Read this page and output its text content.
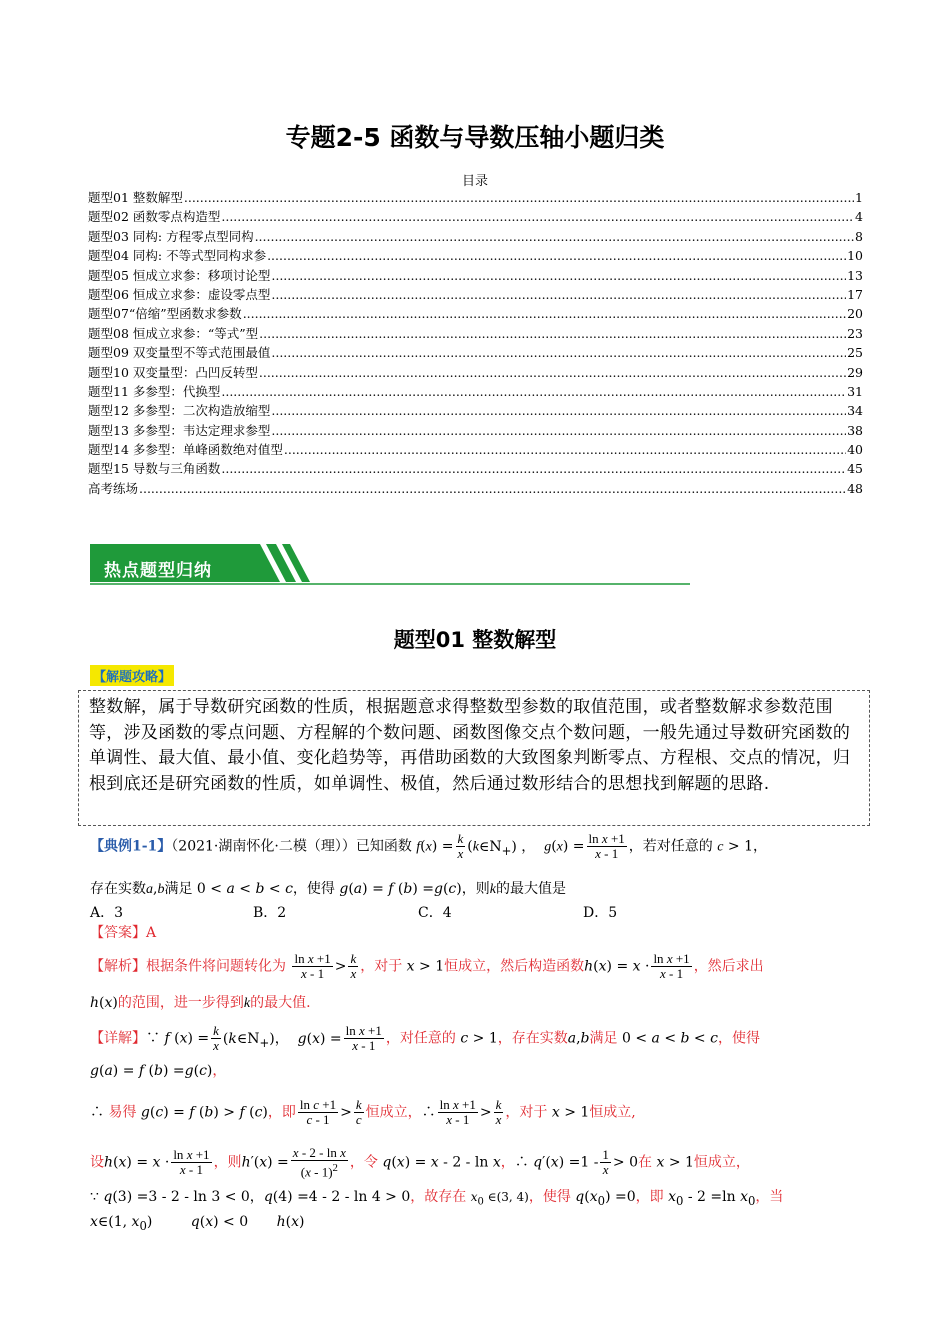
专题2-5 函数与导数压轴小题归类
目录
题型01 整数解型 .....	1
题型02 函数零点构造型 .....	4
题型03 同构: 方程零点型同构 .....	8
题型04 同构: 不等式型同构求参 .....	10
题型05 恒成立求参：移项讨论型 .....	13
题型06 恒成立求参：虚设零点型 .....	17
题型07“倍缩”型函数求参数 .....	20
题型08 恒成立求参：“等式”型 .....	23
题型09 双变量型不等式范围最值 .....	25
题型10 双变量型：凸凹反转型 .....	29
题型11 多参型：代换型 .....	31
题型12 多参型：二次构造放缩型 .....	34
题型13 多参型：韦达定理求参型 .....	38
题型14 多参型：单峰函数绝对值型 .....	40
题型15 导数与三角函数 .....	45
高考练场 .....	48
热点题型归纳
题型01 整数解型
【解题攻略】

整数解，属于导数研究函数的性质，根据题意求得整数型参数的取值范围，或者整数解求参数范围等，涉及函数的零点问题、方程解的个数问题、函数图像交点个数问题，一般先通过导数研究函数的单调性、最大值、最小值、变化趋势等，再借助函数的大致图象判断零点、方程根、交点的情况，归根到底还是研究函数的性质，如单调性、极值，然后通过数形结合的思想找到解题的思路.

【典例1-1】（2021·湖南怀化·二模（理））已知函数 $f(x) = \frac{k}{x}$ $(k\in N_+)$ ，  $g(x) = \frac{\text{ln x +1}}{x - 1}$ ，若对任意的 c > 1，
存在实数a,b满足 0 < a < b < c，使得 g(a) = f (b) =g(c)，则k的最大值是
A．3	B．2	C．4	D．5
【答案】A
【解析】根据条件将问题转化为 $\frac{\text{ln x +1}}{x - 1} > \frac{k}{x}$ ，对于 x > 1恒成立，然后构造函数$h(x) = x \cdot \frac{\text{ln x +1}}{x - 1}$ ，然后求出
h(x)的范围，进一步得到k的最大值.
【详解】∵ f $(x) = \frac{k}{x}$ $(k\in N_+)$，  $g(x) = \frac{\text{ln x +1}}{x - 1}$ ，对任意的 c > 1，存在实数a,b满足 0 < a < b < c，使得
g(a) = f (b) =g(c)，
∴ 易得 g(c) = f (b) > f (c)，即 $\frac{\text{ln c +1}}{c - 1} > \frac{k}{c}$ 恒成立，∴ $\frac{\text{ln x +1}}{x - 1} > \frac{k}{x}$ ，对于 x > 1恒成立,
设$h(x) = x \cdot \frac{\text{ln x +1}}{x - 1}$ ，则$h'(x) = \frac{\text{x - 2 - ln x}}{(x - 1)^2}$ ，令 q(x) = x - 2 - ln x，∴ $q'(x) =1 - \frac{1}{x} > 0$在 x > 1恒成立，
∵ q(3) =3 - 2 - ln 3 < 0，q(4) =4 - 2 - ln 4 > 0，故存在 $x_0$ ∈(3, 4)，使得 $q(x_0) =0$，即 $x_0 - 2 =\ln$ $x_0$，当
x∈(1, $x_0$)	q(x) < 0 h(x)
